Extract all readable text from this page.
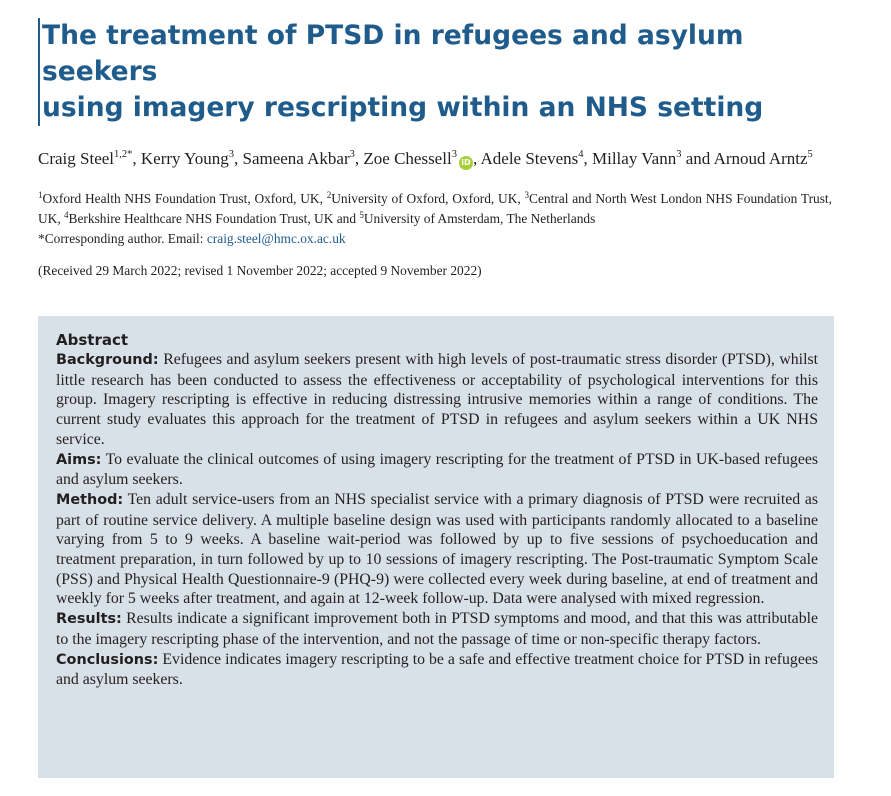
The treatment of PTSD in refugees and asylum seekers
using imagery rescripting within an NHS setting
Craig Steel$^{1,2*}$, Kerry Young$^3$, Sameena Akbar$^3$, Zoe Chessell$^3$iD , Adele Stevens$^4$, Millay Vann$^3$ and Arnoud Arntz$^5$
$^1$Oxford Health NHS Foundation Trust, Oxford, UK, $^2$University of Oxford, Oxford, UK, $^3$Central and North West London NHS Foundation Trust, UK, $^4$Berkshire Healthcare NHS Foundation Trust, UK and $^5$University of Amsterdam, The Netherlands
*Corresponding author. Email: craig.steel@hmc.ox.ac.uk
(Received 29 March 2022; revised 1 November 2022; accepted 9 November 2022)
Abstract

Background: Refugees and asylum seekers present with high levels of post-traumatic stress disorder (PTSD), whilst little research has been conducted to assess the effectiveness or acceptability of psychological interventions for this group. Imagery rescripting is effective in reducing distressing intrusive memories within a range of conditions. The current study evaluates this approach for the treatment of PTSD in refugees and asylum seekers within a UK NHS service.

Aims: To evaluate the clinical outcomes of using imagery rescripting for the treatment of PTSD in UK-based refugees and asylum seekers.

Method: Ten adult service-users from an NHS specialist service with a primary diagnosis of PTSD were recruited as part of routine service delivery. A multiple baseline design was used with participants randomly allocated to a baseline varying from 5 to 9 weeks. A baseline wait-period was followed by up to five sessions of psychoeducation and treatment preparation, in turn followed by up to 10 sessions of imagery rescripting. The Post-traumatic Symptom Scale (PSS) and Physical Health Questionnaire-9 (PHQ-9) were collected every week during baseline, at end of treatment and weekly for 5 weeks after treatment, and again at 12-week follow-up. Data were analysed with mixed regression.

Results: Results indicate a significant improvement both in PTSD symptoms and mood, and that this was attributable to the imagery rescripting phase of the intervention, and not the passage of time or non-specific therapy factors.

Conclusions: Evidence indicates imagery rescripting to be a safe and effective treatment choice for PTSD in refugees and asylum seekers.
